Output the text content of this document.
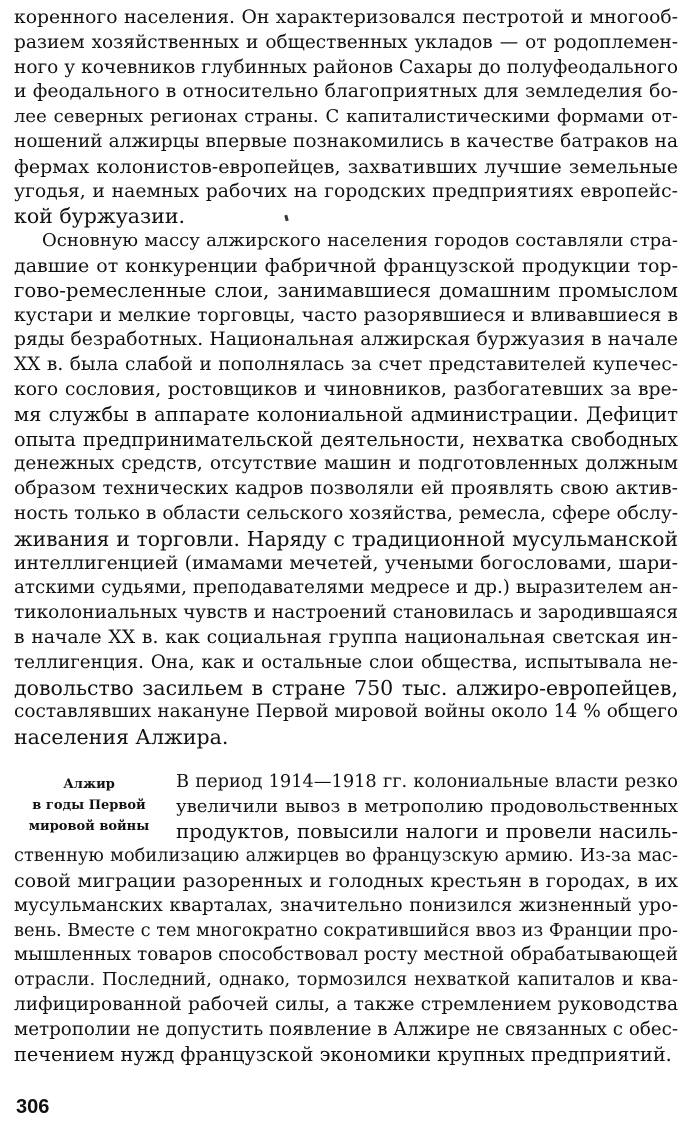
коренного населения. Он характеризовался пестротой и многооб-
разием хозяйственных и общественных укладов — от родоплемен-
ного у кочевников глубинных районов Сахары до полуфеодального
и феодального в относительно благоприятных для земледелия бо-
лее северных регионах страны. С капиталистическими формами от-
ношений алжирцы впервые познакомились в качестве батраков на
фермах колонистов-европейцев, захвативших лучшие земельные
угодья, и наемных рабочих на городских предприятиях европейс-
кой буржуазии.
Основную массу алжирского населения городов составляли стра-
давшие от конкуренции фабричной французской продукции тор-
гово-ремесленные слои, занимавшиеся домашним промыслом
кустари и мелкие торговцы, часто разорявшиеся и вливавшиеся в
ряды безработных. Национальная алжирская буржуазия в начале
XX в. была слабой и пополнялась за счет представителей купечес-
кого сословия, ростовщиков и чиновников, разбогатевших за вре-
мя службы в аппарате колониальной администрации. Дефицит
опыта предпринимательской деятельности, нехватка свободных
денежных средств, отсутствие машин и подготовленных должным
образом технических кадров позволяли ей проявлять свою актив-
ность только в области сельского хозяйства, ремесла, сфере обслу-
живания и торговли. Наряду с традиционной мусульманской
интеллигенцией (имамами мечетей, учеными богословами, шари-
атскими судьями, преподавателями медресе и др.) выразителем ан-
тиколониальных чувств и настроений становилась и зародившаяся
в начале XX в. как социальная группа национальная светская ин-
теллигенция. Она, как и остальные слои общества, испытывала не-
довольство засильем в стране 750 тыс. алжиро-европейцев,
составлявших накануне Первой мировой войны около 14 % общего
населения Алжира.
Алжир
в годы Первой
мировой войны
В период 1914—1918 гг. колониальные власти резко
увеличили вывоз в метрополию продовольственных
продуктов, повысили налоги и провели насиль-
ственную мобилизацию алжирцев во французскую армию. Из-за мас-
совой миграции разоренных и голодных крестьян в городах, в их
мусульманских кварталах, значительно понизился жизненный уро-
вень. Вместе с тем многократно сократившийся ввоз из Франции про-
мышленных товаров способствовал росту местной обрабатывающей
отрасли. Последний, однако, тормозился нехваткой капиталов и ква-
лифицированной рабочей силы, а также стремлением руководства
метрополии не допустить появление в Алжире не связанных с обес-
печением нужд французской экономики крупных предприятий.
306
